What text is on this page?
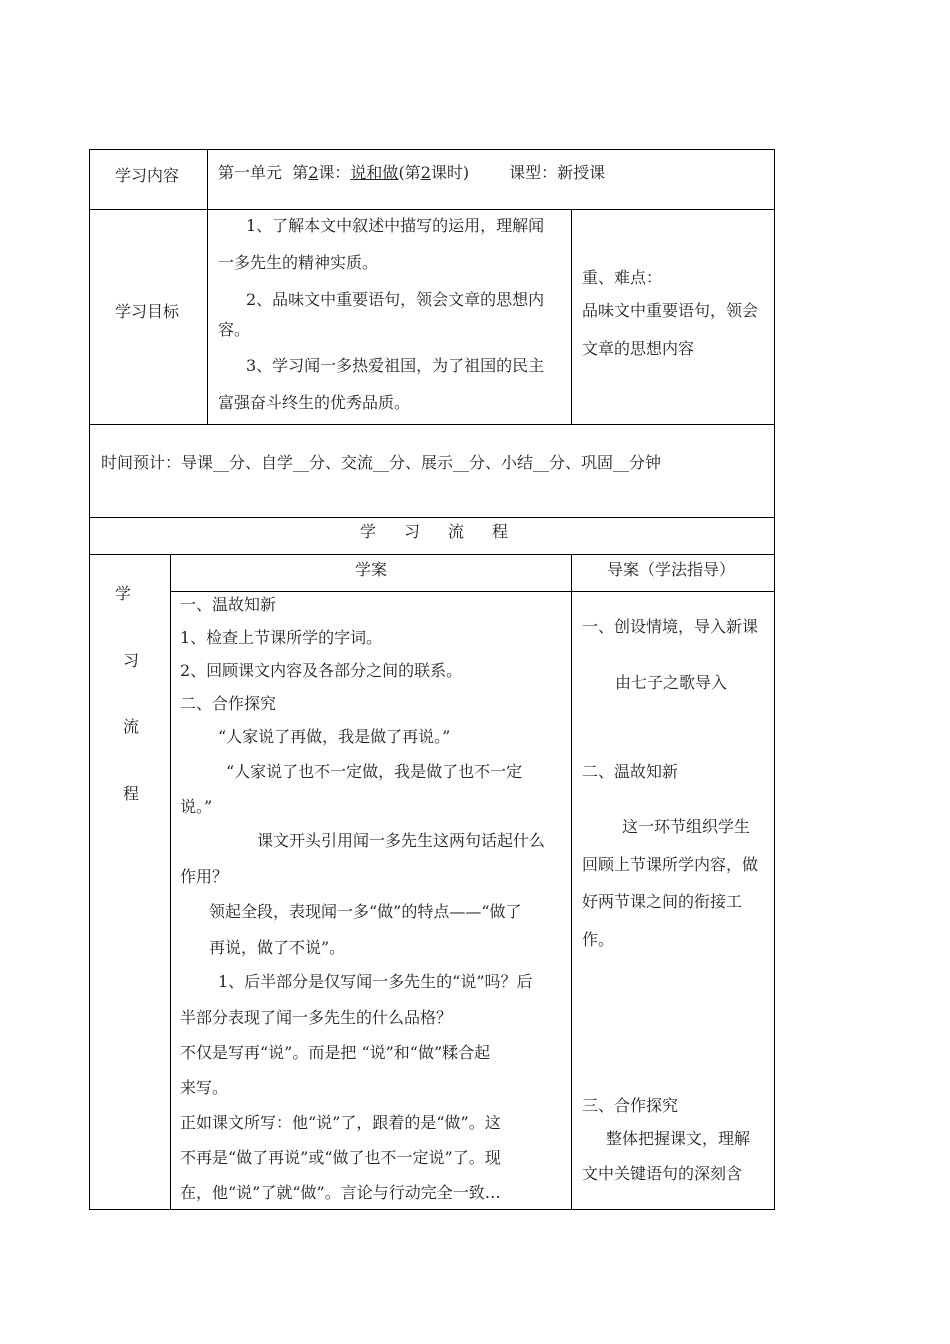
学习内容 第一单元 第2课：说和做(第2课时)	课型：新授课
学习目标
1、了解本文中叙述中描写的运用，理解闻
一多先生的精神实质。
2、品味文中重要语句，领会文章的思想内
容。
3、学习闻一多热爱祖国，为了祖国的民主
富强奋斗终生的优秀品质。
重、难点：
品味文中重要语句，领会
文章的思想内容
时间预计：导课__分、自学__分、交流__分、展示__分、小结__分、巩固__分钟
学　习　流　程
学
习
流
程
学案	导案（学法指导）
一、温故知新
1、检查上节课所学的字词。
2、回顾课文内容及各部分之间的联系。
二、合作探究
“人家说了再做，我是做了再说。”
“人家说了也不一定做，我是做了也不一定
说。”
课文开头引用闻一多先生这两句话起什么
作用？
领起全段，表现闻一多“做”的特点——“做了
再说，做了不说”。
1、后半部分是仅写闻一多先生的“说”吗？后
半部分表现了闻一多先生的什么品格？
不仅是写再“说”。而是把 “说”和“做”糅合起
来写。
正如课文所写：他“说”了，跟着的是“做”。这
不再是“做了再说”或“做了也不一定说”了。现
在，他“说”了就“做”。言论与行动完全一致…
一、创设情境，导入新课
由七子之歌导入
二、温故知新
这一环节组织学生
回顾上节课所学内容，做
好两节课之间的衔接工
作。
三、合作探究
整体把握课文，理解
文中关键语句的深刻含
